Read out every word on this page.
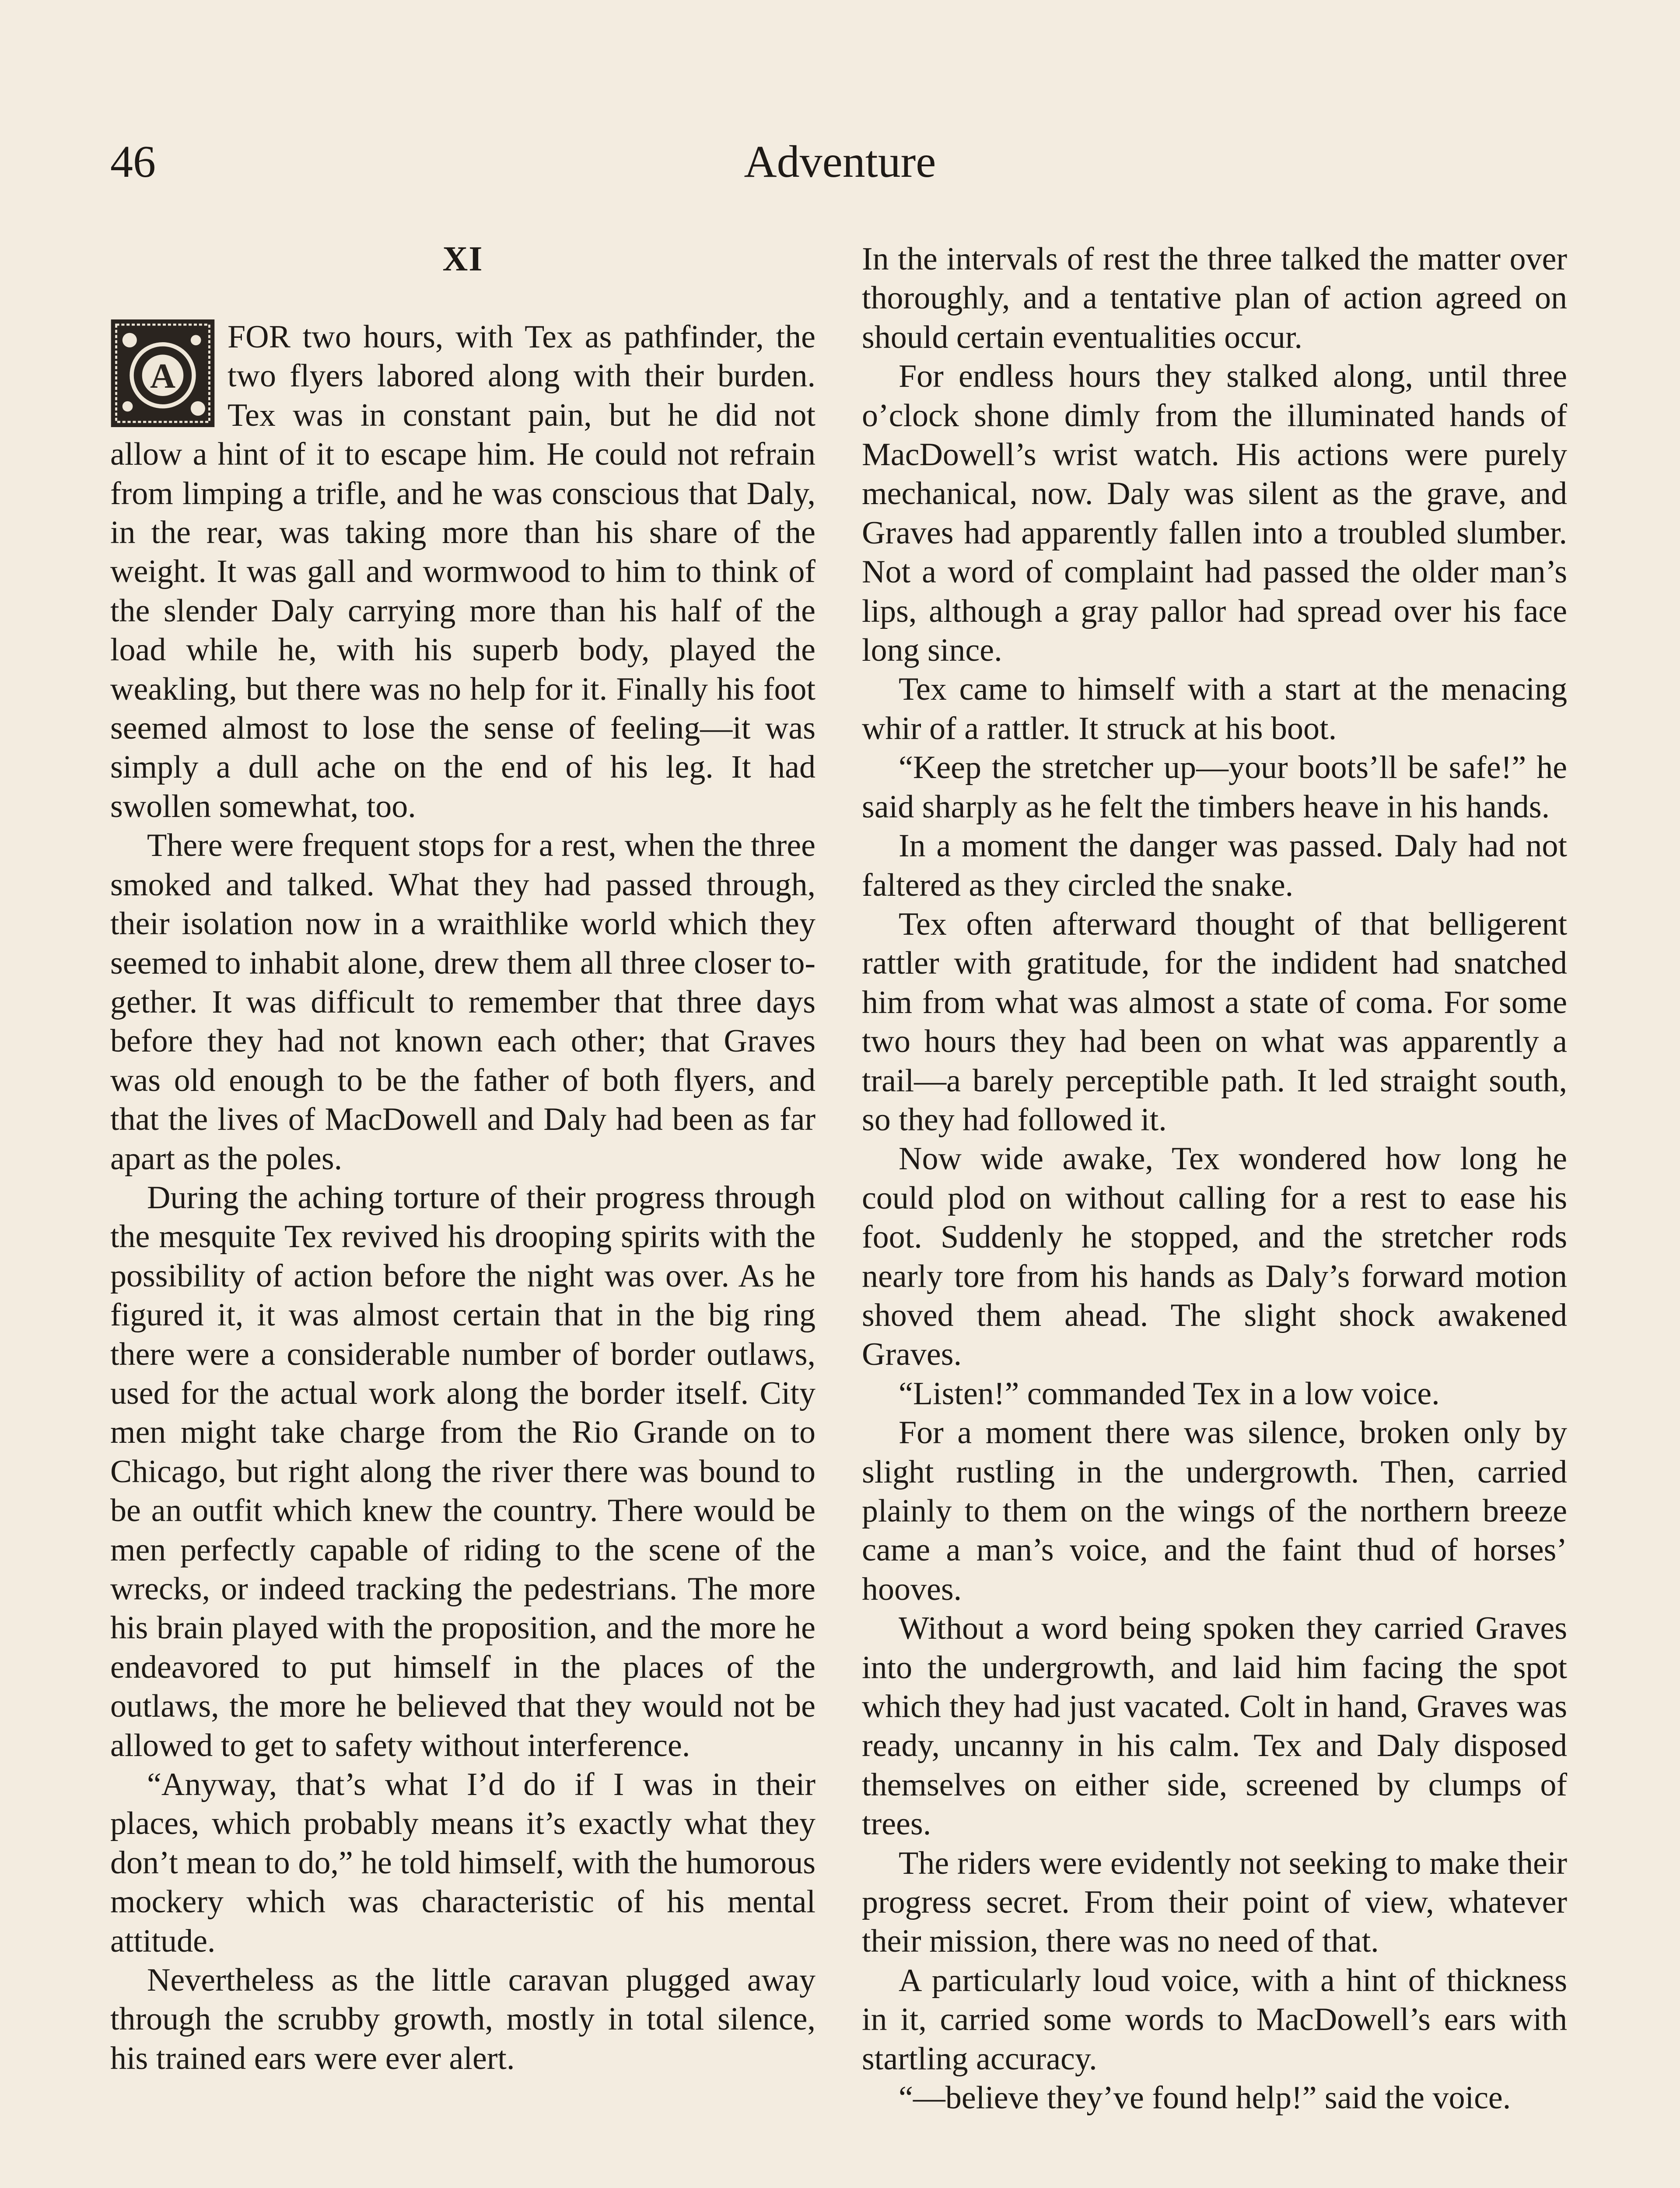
46	Adventure
XI
A

FOR two hours, with Tex as pathfinder, the two flyers labored along with their burden. Tex was in constant pain, but he did not allow a hint of it to escape him. He could not refrain from limping a trifle, and he was conscious that Daly, in the rear, was taking more than his share of the weight. It was gall and wormwood to him to think of the slender Daly carrying more than his half of the load while he, with his superb body, played the weakling, but there was no help for it. Finally his foot seemed almost to lose the sense of feeling—it was simply a dull ache on the end of his leg. It had swollen somewhat, too.

There were frequent stops for a rest, when the three smoked and talked. What they had passed through, their isolation now in a wraithlike world which they seemed to inhabit alone, drew them all three closer together. It was difficult to remember that three days before they had not known each other; that Graves was old enough to be the father of both flyers, and that the lives of MacDowell and Daly had been as far apart as the poles.

During the aching torture of their progress through the mesquite Tex revived his drooping spirits with the possibility of action before the night was over. As he figured it, it was almost certain that in the big ring there were a considerable number of border outlaws, used for the actual work along the border itself. City men might take charge from the Rio Grande on to Chicago, but right along the river there was bound to be an outfit which knew the country. There would be men perfectly capable of riding to the scene of the wrecks, or indeed tracking the pedestrians. The more his brain played with the proposition, and the more he endeavored to put himself in the places of the outlaws, the more he believed that they would not be allowed to get to safety without interference.

“Anyway, that’s what I’d do if I was in their places, which probably means it’s exactly what they don’t mean to do,” he told himself, with the humorous mockery which was characteristic of his mental attitude.

Nevertheless as the little caravan plugged away through the scrubby growth, mostly in total silence, his trained ears were ever alert.

In the intervals of rest the three talked the matter over thoroughly, and a tentative plan of action agreed on should certain eventualities occur.

For endless hours they stalked along, until three o’clock shone dimly from the illuminated hands of MacDowell’s wrist watch. His actions were purely mechanical, now. Daly was silent as the grave, and Graves had apparently fallen into a troubled slumber. Not a word of complaint had passed the older man’s lips, although a gray pallor had spread over his face long since.

Tex came to himself with a start at the menacing whir of a rattler. It struck at his boot.

“Keep the stretcher up—your boots’ll be safe!” he said sharply as he felt the timbers heave in his hands.

In a moment the danger was passed. Daly had not faltered as they circled the snake.

Tex often afterward thought of that belligerent rattler with gratitude, for the indident had snatched him from what was almost a state of coma. For some two hours they had been on what was apparently a trail—a barely perceptible path. It led straight south, so they had followed it.

Now wide awake, Tex wondered how long he could plod on without calling for a rest to ease his foot. Suddenly he stopped, and the stretcher rods nearly tore from his hands as Daly’s forward motion shoved them ahead. The slight shock awakened Graves.

“Listen!” commanded Tex in a low voice.

For a moment there was silence, broken only by slight rustling in the undergrowth. Then, carried plainly to them on the wings of the northern breeze came a man’s voice, and the faint thud of horses’ hooves.

Without a word being spoken they carried Graves into the undergrowth, and laid him facing the spot which they had just vacated. Colt in hand, Graves was ready, uncanny in his calm. Tex and Daly disposed themselves on either side, screened by clumps of trees.

The riders were evidently not seeking to make their progress secret. From their point of view, whatever their mission, there was no need of that.

A particularly loud voice, with a hint of thickness in it, carried some words to MacDowell’s ears with startling accuracy.

“—believe they’ve found help!” said the voice.
